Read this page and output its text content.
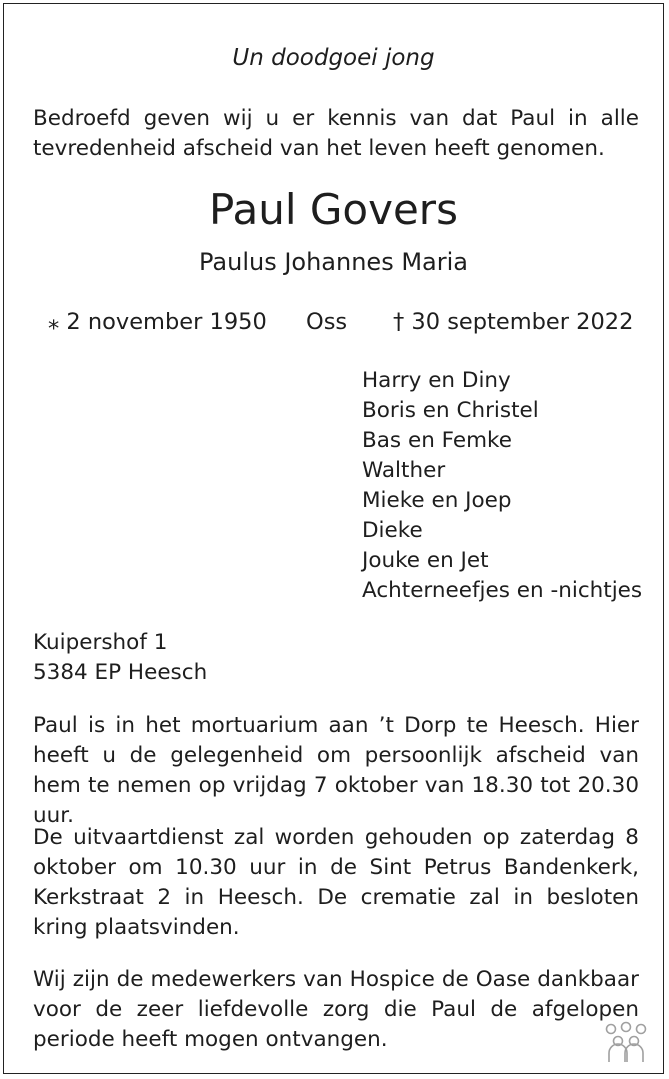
Un doodgoei jong
Bedroefd geven wij u er kennis van dat Paul in alle tevredenheid afscheid van het leven heeft genomen.
Paul Govers
Paulus Johannes Maria
⁎ 2 november 1950 Oss † 30 september 2022
Harry en Diny
Boris en Christel
Bas en Femke
Walther
Mieke en Joep
Dieke
Jouke en Jet
Achterneefjes en -nichtjes
Kuipershof 1
5384 EP Heesch
Paul is in het mortuarium aan ’t Dorp te Heesch. Hier heeft u de gelegenheid om persoonlijk afscheid van hem te nemen op vrijdag 7 oktober van 18.30 tot 20.30 uur.
De uitvaartdienst zal worden gehouden op zaterdag 8 oktober om 10.30 uur in de Sint Petrus Bandenkerk, Kerkstraat 2 in Heesch. De crematie zal in besloten kring plaatsvinden.
Wij zijn de medewerkers van Hospice de Oase dankbaar voor de zeer liefdevolle zorg die Paul de afgelopen periode heeft mogen ontvangen.
